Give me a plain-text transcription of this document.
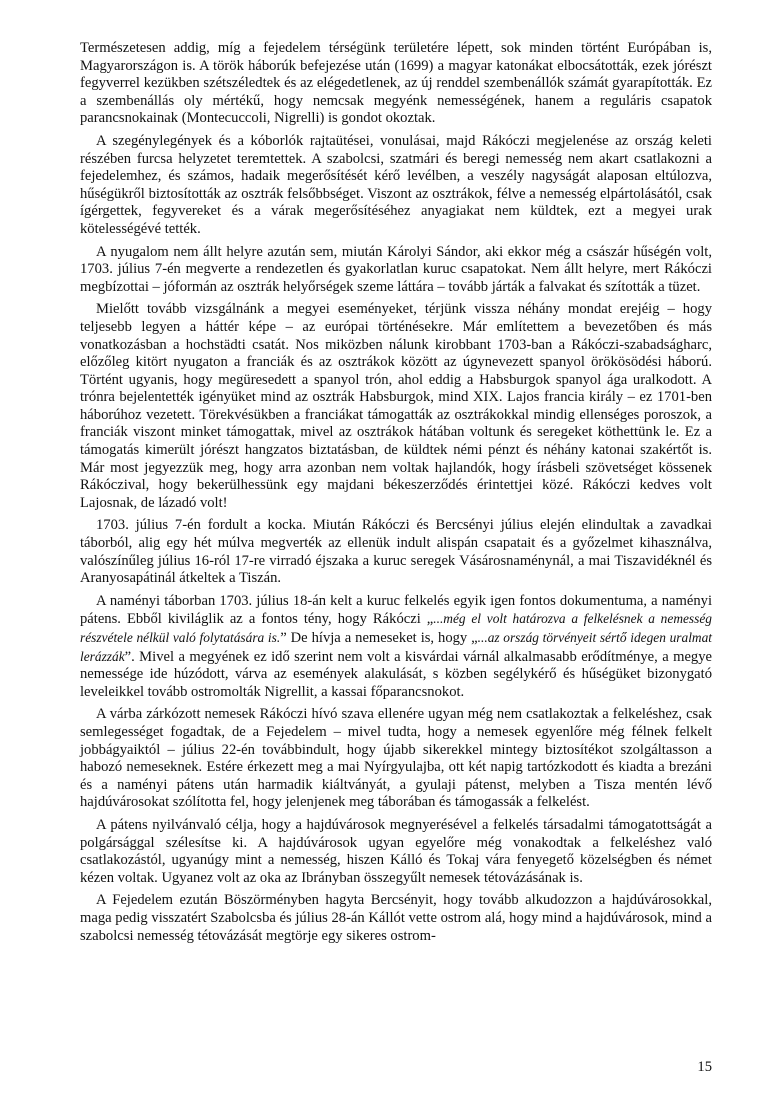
Természetesen addig, míg a fejedelem térségünk területére lépett, sok minden történt Európában is, Magyarországon is. A török háborúk befejezése után (1699) a magyar katonákat elbocsátották, ezek jórészt fegyverrel kezükben szétszéledtek és az elégedetlenek, az új renddel szembenállók számát gyarapították. Ez a szembenállás oly mértékű, hogy nemcsak megyénk nemességének, hanem a reguláris csapatok parancsnokainak (Montecuccoli, Nigrelli) is gondot okoztak.

A szegénylegények és a kóborlók rajtaütései, vonulásai, majd Rákóczi megjelenése az ország keleti részében furcsa helyzetet teremtettek. A szabolcsi, szatmári és beregi nemesség nem akart csatlakozni a fejedelemhez, és számos, hadaik megerősítését kérő levélben, a veszély nagyságát alaposan eltúlozva, hűségükről biztosították az osztrák felsőbbséget. Viszont az osztrákok, félve a nemesség elpártolásától, csak ígérgettek, fegyvereket és a várak megerősítéséhez anyagiakat nem küldtek, ezt a megyei urak kötelességévé tették.

A nyugalom nem állt helyre azután sem, miután Károlyi Sándor, aki ekkor még a császár hűségén volt, 1703. július 7-én megverte a rendezetlen és gyakorlatlan kuruc csapatokat. Nem állt helyre, mert Rákóczi megbízottai – jóformán az osztrák helyőrségek szeme láttára – tovább járták a falvakat és szították a tüzet.

Mielőtt tovább vizsgálnánk a megyei eseményeket, térjünk vissza néhány mondat erejéig – hogy teljesebb legyen a háttér képe – az európai történésekre. Már említettem a bevezetőben és más vonatkozásban a hochstädti csatát. Nos miközben nálunk kirobbant 1703-ban a Rákóczi-szabadságharc, előzőleg kitört nyugaton a franciák és az osztrákok között az úgynevezett spanyol örökösödési háború. Történt ugyanis, hogy megüresedett a spanyol trón, ahol eddig a Habsburgok spanyol ága uralkodott. A trónra bejelentették igényüket mind az osztrák Habsburgok, mind XIX. Lajos francia király – ez 1701-ben háborúhoz vezetett. Törekvésükben a franciákat támogatták az osztrákokkal mindig ellenséges poroszok, a franciák viszont minket támogattak, mivel az osztrákok hátában voltunk és seregeket köthettünk le. Ez a támogatás kimerült jórészt hangzatos biztatásban, de küldtek némi pénzt és néhány katonai szakértőt is. Már most jegyezzük meg, hogy arra azonban nem voltak hajlandók, hogy írásbeli szövetséget kössenek Rákóczival, hogy bekerülhessünk egy majdani békeszerződés érintettjei közé. Rákóczi kedves volt Lajosnak, de lázadó volt!

1703. július 7-én fordult a kocka. Miután Rákóczi és Bercsényi július elején elindultak a zavadkai táborból, alig egy hét múlva megverték az ellenük indult alispán csapatait és a győzelmet kihasználva, valószínűleg július 16-ról 17-re virradó éjszaka a kuruc seregek Vásárosnaménynál, a mai Tiszavidéknél és Aranyosapátinál átkeltek a Tiszán.

A naményi táborban 1703. július 18-án kelt a kuruc felkelés egyik igen fontos dokumentuma, a naményi pátens. Ebből kiviláglik az a fontos tény, hogy Rákóczi „...még el volt határozva a felkelésnek a nemesség részvétele nélkül való folytatására is.” De hívja a nemeseket is, hogy „...az ország törvényeit sértő idegen uralmat lerázzák”. Mivel a megyének ez idő szerint nem volt a kisvárdai várnál alkalmasabb erődítménye, a megye nemessége ide húzódott, várva az események alakulását, s közben segélykérő és hűségüket bizonygató leveleikkel tovább ostromolták Nigrellit, a kassai főparancsnokot.

A várba zárkózott nemesek Rákóczi hívó szava ellenére ugyan még nem csatlakoztak a felkeléshez, csak semlegességet fogadtak, de a Fejedelem – mivel tudta, hogy a nemesek egyenlőre még félnek felkelt jobbágyaiktól – július 22-én továbbindult, hogy újabb sikerekkel mintegy biztosítékot szolgáltasson a habozó nemeseknek. Estére érkezett meg a mai Nyírgyulajba, ott két napig tartózkodott és kiadta a brezáni és a naményi pátens után harmadik kiáltványát, a gyulaji pátenst, melyben a Tisza mentén lévő hajdúvárosokat szólította fel, hogy jelenjenek meg táborában és támogassák a felkelést.

A pátens nyilvánvaló célja, hogy a hajdúvárosok megnyerésével a felkelés társadalmi támogatottságát a polgársággal szélesítse ki. A hajdúvárosok ugyan egyelőre még vonakodtak a felkeléshez való csatlakozástól, ugyanúgy mint a nemesség, hiszen Kálló és Tokaj vára fenyegető közelségben és német kézen voltak. Ugyanez volt az oka az Ibrányban összegyűlt nemesek tétovázásának is.

A Fejedelem ezután Böszörményben hagyta Bercsényit, hogy tovább alkudozzon a hajdúvárosokkal, maga pedig visszatért Szabolcsba és július 28-án Kállót vette ostrom alá, hogy mind a hajdúvárosok, mind a szabolcsi nemesség tétovázását megtörje egy sikeres ostrom-

15
